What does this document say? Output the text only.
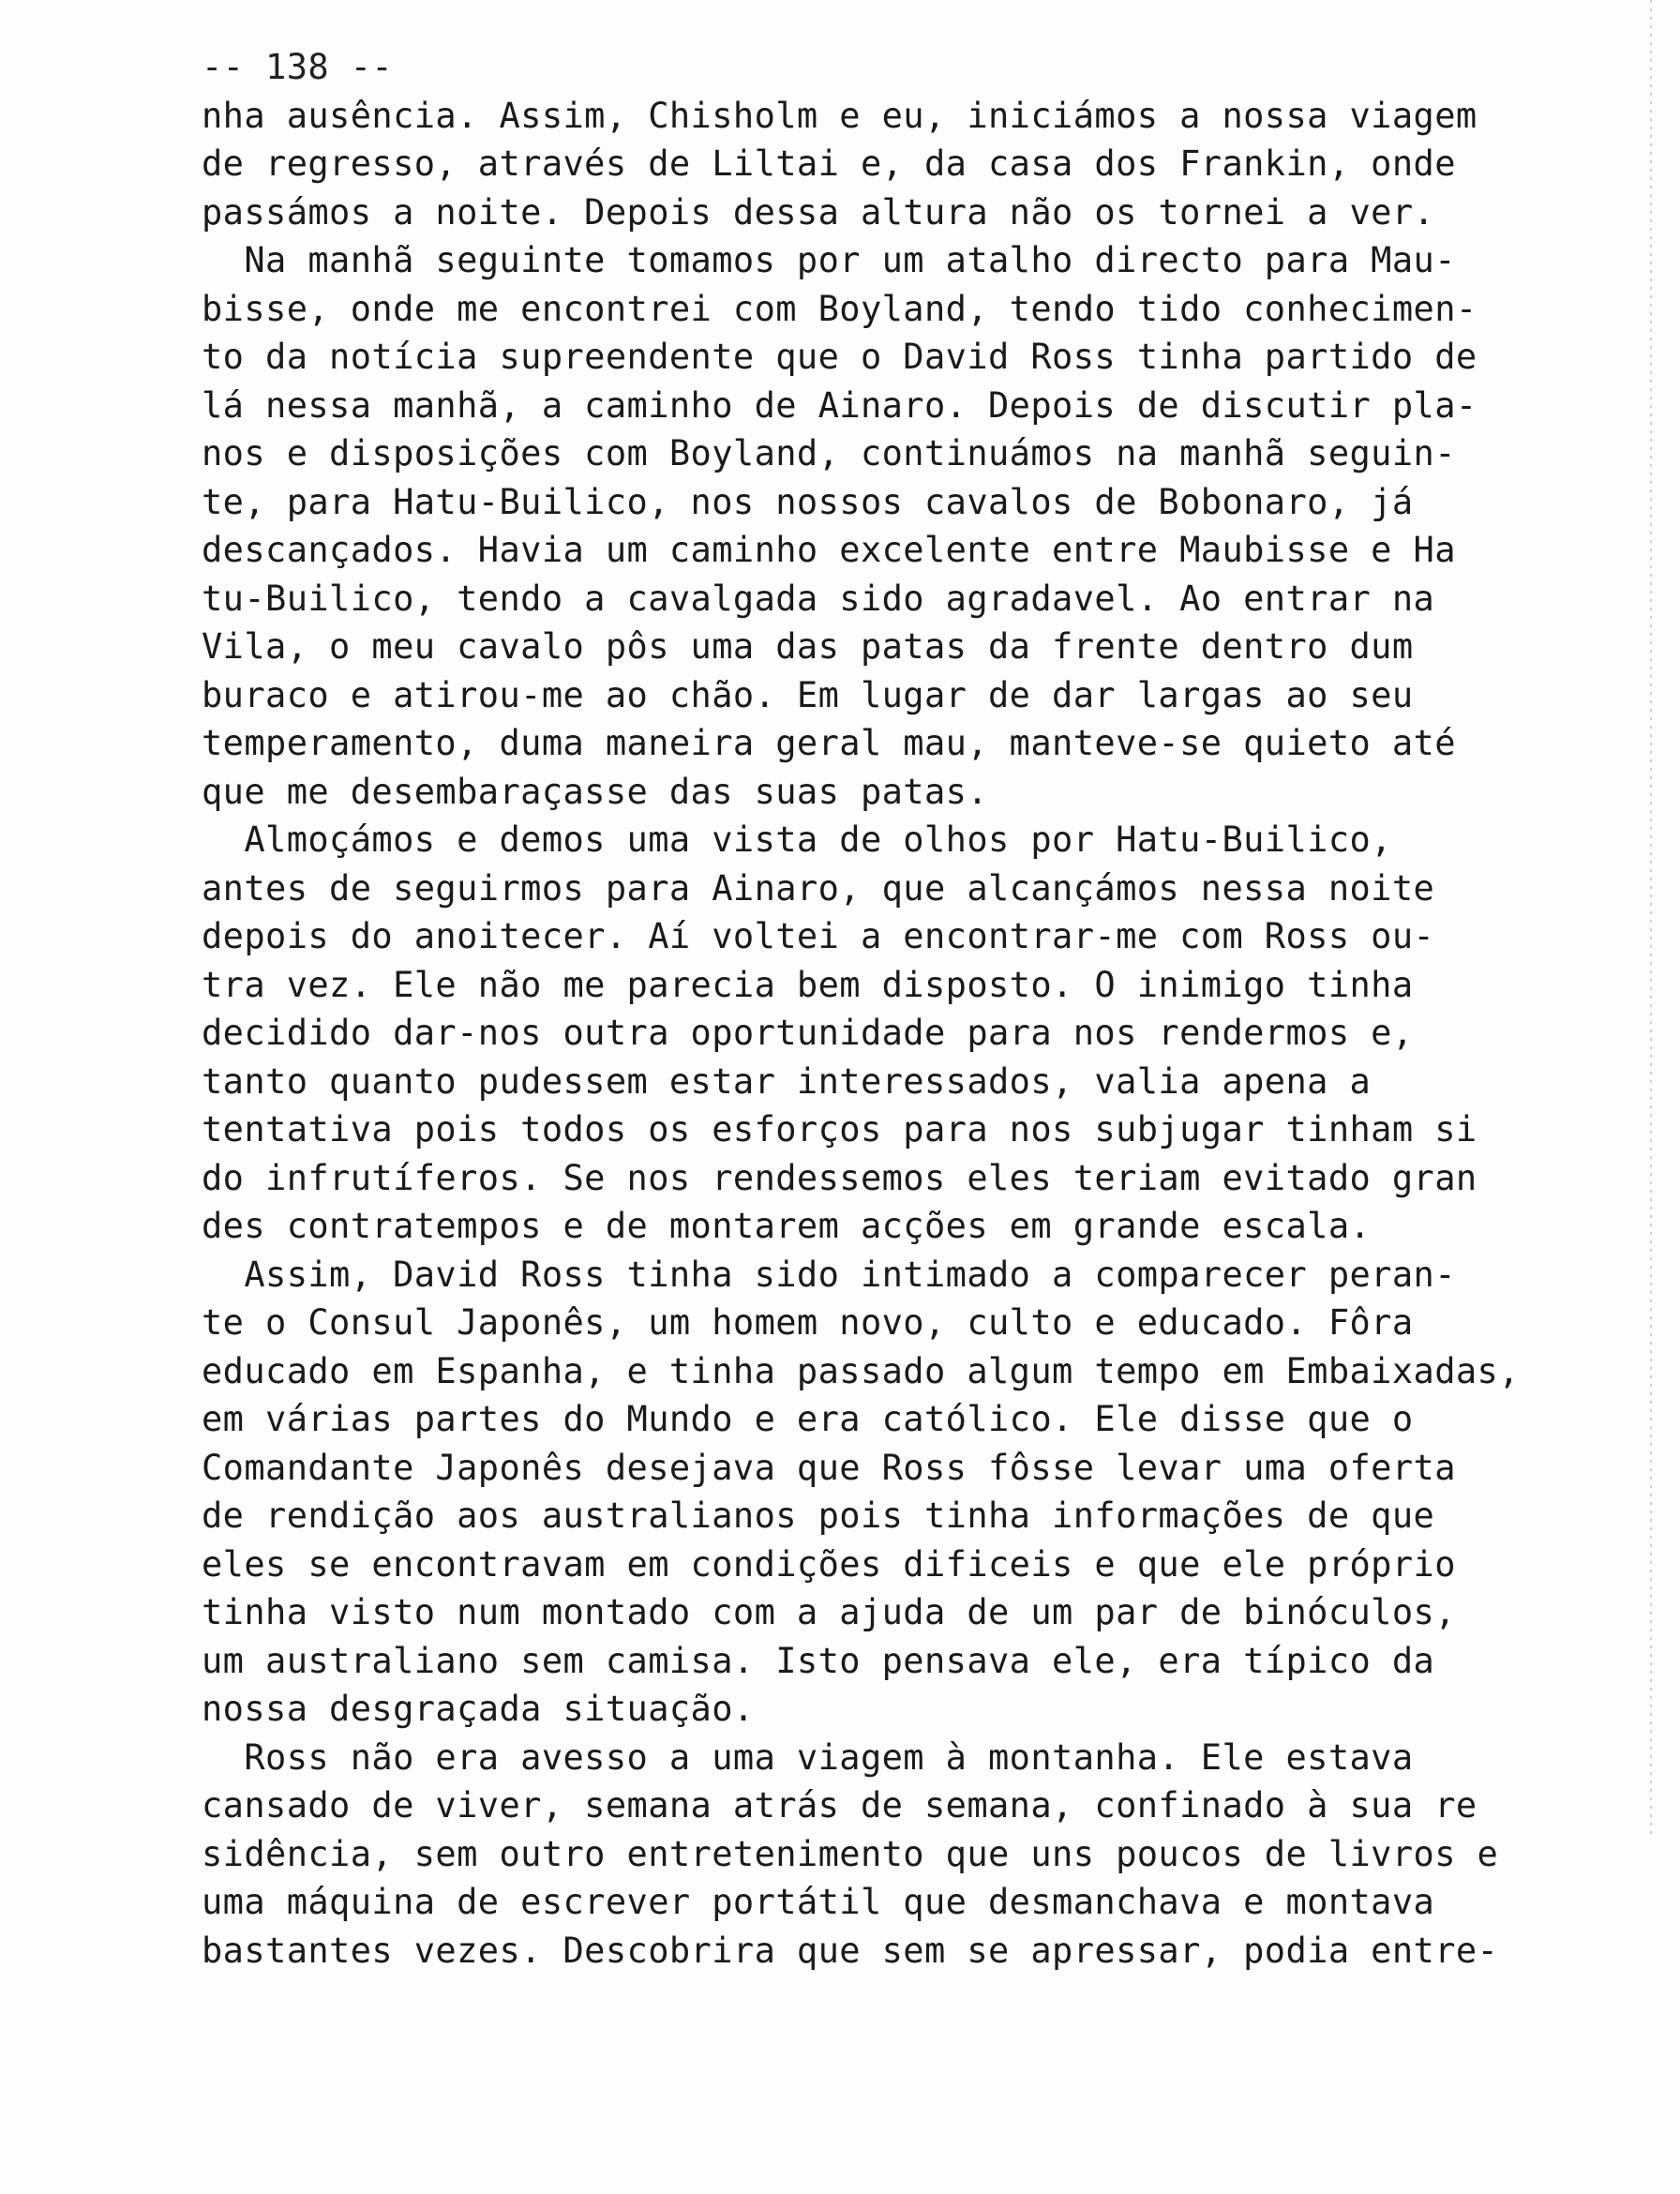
-- 138 --
nha ausência. Assim, Chisholm e eu, iniciámos a nossa viagem
de regresso, através de Liltai e, da casa dos Frankin, onde
passámos a noite. Depois dessa altura não os tornei a ver.
Na manhã seguinte tomamos por um atalho directo para Mau-
bisse, onde me encontrei com Boyland, tendo tido conhecimen-
to da notícia supreendente que o David Ross tinha partido de
lá nessa manhã, a caminho de Ainaro. Depois de discutir pla-
nos e disposições com Boyland, continuámos na manhã seguin-
te, para Hatu-Builico, nos nossos cavalos de Bobonaro, já
descançados. Havia um caminho excelente entre Maubisse e Ha
tu-Builico, tendo a cavalgada sido agradavel. Ao entrar na
Vila, o meu cavalo pôs uma das patas da frente dentro dum
buraco e atirou-me ao chão. Em lugar de dar largas ao seu
temperamento, duma maneira geral mau, manteve-se quieto até
que me desembaraçasse das suas patas.
Almoçámos e demos uma vista de olhos por Hatu-Builico,
antes de seguirmos para Ainaro, que alcançámos nessa noite
depois do anoitecer. Aí voltei a encontrar-me com Ross ou-
tra vez. Ele não me parecia bem disposto. O inimigo tinha
decidido dar-nos outra oportunidade para nos rendermos e,
tanto quanto pudessem estar interessados, valia apena a
tentativa pois todos os esforços para nos subjugar tinham si
do infrutíferos. Se nos rendessemos eles teriam evitado gran
des contratempos e de montarem acções em grande escala.
Assim, David Ross tinha sido intimado a comparecer peran-
te o Consul Japonês, um homem novo, culto e educado. Fôra
educado em Espanha, e tinha passado algum tempo em Embaixadas,
em várias partes do Mundo e era católico. Ele disse que o
Comandante Japonês desejava que Ross fôsse levar uma oferta
de rendição aos australianos pois tinha informações de que
eles se encontravam em condições dificeis e que ele próprio
tinha visto num montado com a ajuda de um par de binóculos,
um australiano sem camisa. Isto pensava ele, era típico da
nossa desgraçada situação.
Ross não era avesso a uma viagem à montanha. Ele estava
cansado de viver, semana atrás de semana, confinado à sua re
sidência, sem outro entretenimento que uns poucos de livros e
uma máquina de escrever portátil que desmanchava e montava
bastantes vezes. Descobrira que sem se apressar, podia entre-
